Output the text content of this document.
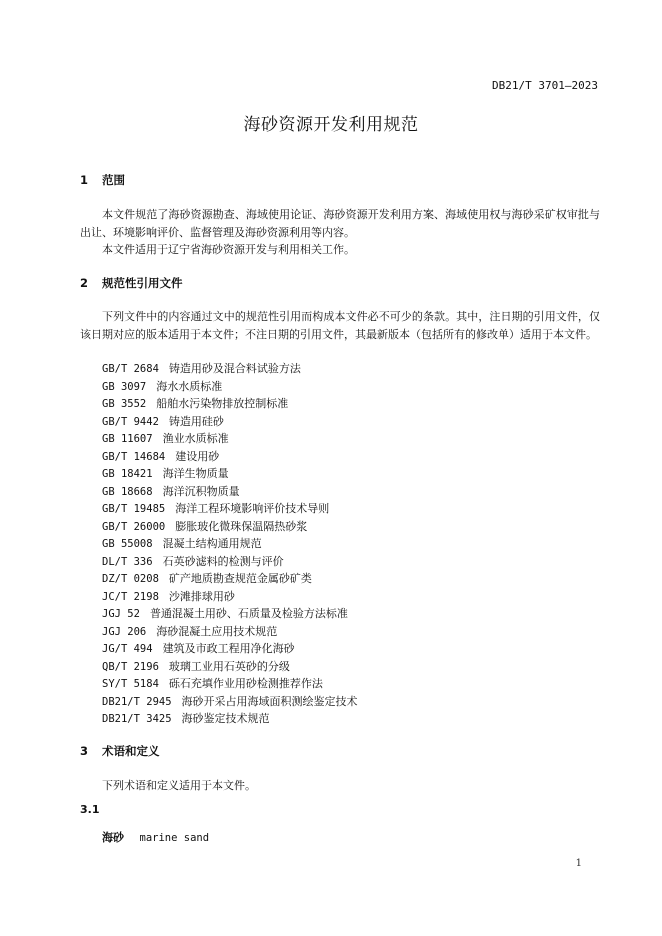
DB21/T 3701—2023
海砂资源开发利用规范
1 范围
本文件规范了海砂资源勘查、海域使用论证、海砂资源开发利用方案、海域使用权与海砂采矿权审批与出让、环境影响评价、监督管理及海砂资源利用等内容。
本文件适用于辽宁省海砂资源开发与利用相关工作。
2 规范性引用文件
下列文件中的内容通过文中的规范性引用而构成本文件必不可少的条款。其中，注日期的引用文件，仅该日期对应的版本适用于本文件；不注日期的引用文件，其最新版本（包括所有的修改单）适用于本文件。
GB/T 2684 铸造用砂及混合料试验方法
GB 3097 海水水质标准
GB 3552 船舶水污染物排放控制标准
GB/T 9442 铸造用硅砂
GB 11607 渔业水质标准
GB/T 14684 建设用砂
GB 18421 海洋生物质量
GB 18668 海洋沉积物质量
GB/T 19485 海洋工程环境影响评价技术导则
GB/T 26000 膨胀玻化微珠保温隔热砂浆
GB 55008 混凝土结构通用规范
DL/T 336 石英砂滤料的检测与评价
DZ/T 0208 矿产地质勘查规范金属砂矿类
JC/T 2198 沙滩排球用砂
JGJ 52 普通混凝土用砂、石质量及检验方法标准
JGJ 206 海砂混凝土应用技术规范
JG/T 494 建筑及市政工程用净化海砂
QB/T 2196 玻璃工业用石英砂的分级
SY/T 5184 砾石充填作业用砂检测推荐作法
DB21/T 2945 海砂开采占用海域面积测绘鉴定技术
DB21/T 3425 海砂鉴定技术规范
3 术语和定义
下列术语和定义适用于本文件。
3.1
海砂 marine sand
1
